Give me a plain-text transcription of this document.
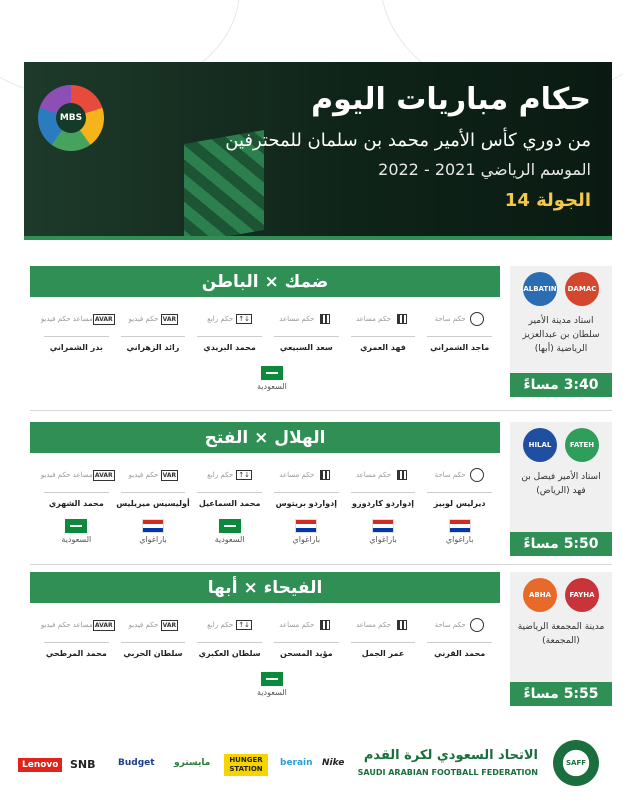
MBS
حكام مباريات اليوم
من دوري كأس الأمير محمد بن سلمان للمحترفين
الموسم الرياضي 2021 - 2022
الجولة 14
ضمك × الباطن	ALBATIN	DAMAC
استاد مدينة الأمير سلطان بن عبدالعزيز الرياضية (أبها)
3:40 مساءً
حكم ساحة
ماجد الشمراني
حكم مساعد
فهد العمري
حكم مساعد
سعد السبيعي
↑↓
حكم رابع
محمد البريدي
VAR
حكم فيديو
رائد الزهراني
AVAR
مساعد حكم فيديو
بدر الشمراني
السعودية
الهلال × الفتح	HILAL	FATEH
استاد الأمير فيصل بن فهد (الرياض)
5:50 مساءً
حكم ساحة
ديرليس لوبيز
باراغواي
حكم مساعد
إدواردو كاردوزو
باراغواي
حكم مساعد
إدواردو بريتوس
باراغواي
↑↓
حكم رابع
محمد السماعيل
السعودية
VAR
حكم فيديو
أوليسيس ميريليس
باراغواي
AVAR
مساعد حكم فيديو
محمد الشهري
السعودية
الفيحاء × أبها	ABHA	FAYHA
مدينة المجمعة الرياضية (المجمعة)
5:55 مساءً
حكم ساحة
محمد القرني
حكم مساعد
عمر الجمل
حكم مساعد
مؤيد المسحن
↑↓
حكم رابع
سلطان العكبري
VAR
حكم فيديو
سلطان الحربي
AVAR
مساعد حكم فيديو
محمد المرطحي
السعودية
SAFF
الاتحاد السعودي لكرة القدم
SAUDI ARABIAN FOOTBALL FEDERATION
Nike
berain
HUNGER STATION
مايسترو
Budget
SNB
Lenovo
